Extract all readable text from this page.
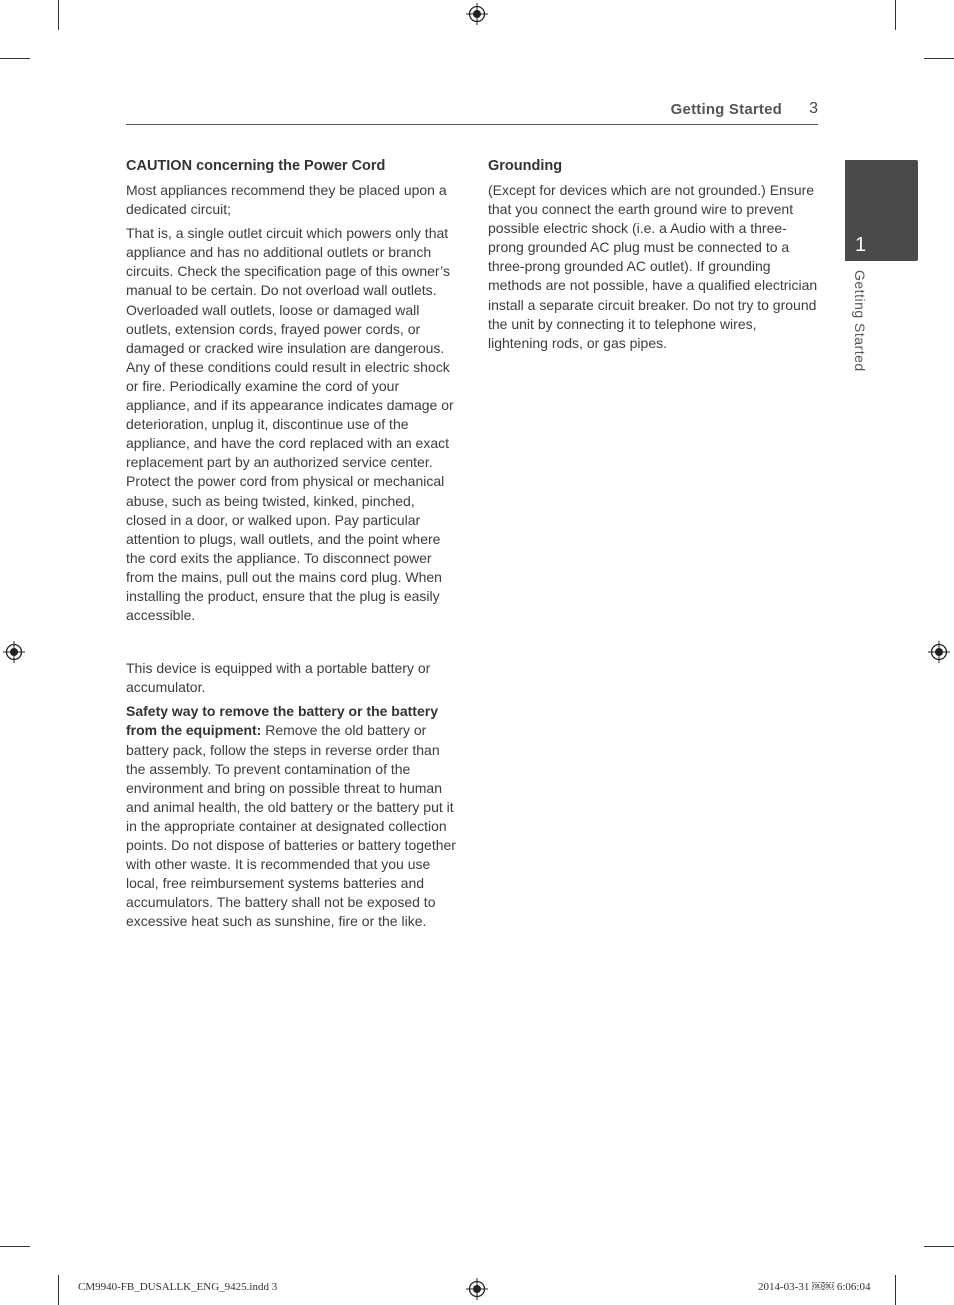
Getting Started 3
1
Getting Started
CAUTION concerning the Power Cord

Most appliances recommend they be placed upon a dedicated circuit;

That is, a single outlet circuit which powers only that appliance and has no additional outlets or branch circuits. Check the specification page of this owner’s manual to be certain. Do not overload wall outlets. Overloaded wall outlets, loose or damaged wall outlets, extension cords, frayed power cords, or damaged or cracked wire insulation are dangerous. Any of these conditions could result in electric shock or fire. Periodically examine the cord of your appliance, and if its appearance indicates damage or deterioration, unplug it, discontinue use of the appliance, and have the cord replaced with an exact replacement part by an authorized service center. Protect the power cord from physical or mechanical abuse, such as being twisted, kinked, pinched, closed in a door, or walked upon. Pay particular attention to plugs, wall outlets, and the point where the cord exits the appliance. To disconnect power from the mains, pull out the mains cord plug. When installing the product, ensure that the plug is easily accessible.

This device is equipped with a portable battery or accumulator.

Safety way to remove the battery or the battery from the equipment: Remove the old battery or battery pack, follow the steps in reverse order than the assembly. To prevent contamination of the environment and bring on possible threat to human and animal health, the old battery or the battery put it in the appropriate container at designated collection points. Do not dispose of batteries or battery together with other waste. It is recommended that you use local, free reimbursement systems batteries and accumulators. The battery shall not be exposed to excessive heat such as sunshine, fire or the like.

Grounding

(Except for devices which are not grounded.) Ensure that you connect the earth ground wire to prevent possible electric shock (i.e. a Audio with a three-prong grounded AC plug must be connected to a three-prong grounded AC outlet). If grounding methods are not possible, have a qualified electrician install a separate circuit breaker. Do not try to ground the unit by connecting it to telephone wires, lightening rods, or gas pipes.

CM9940-FB_DUSALLK_ENG_9425.indd 3	2014-03-31 ￼￼ 6:06:04
